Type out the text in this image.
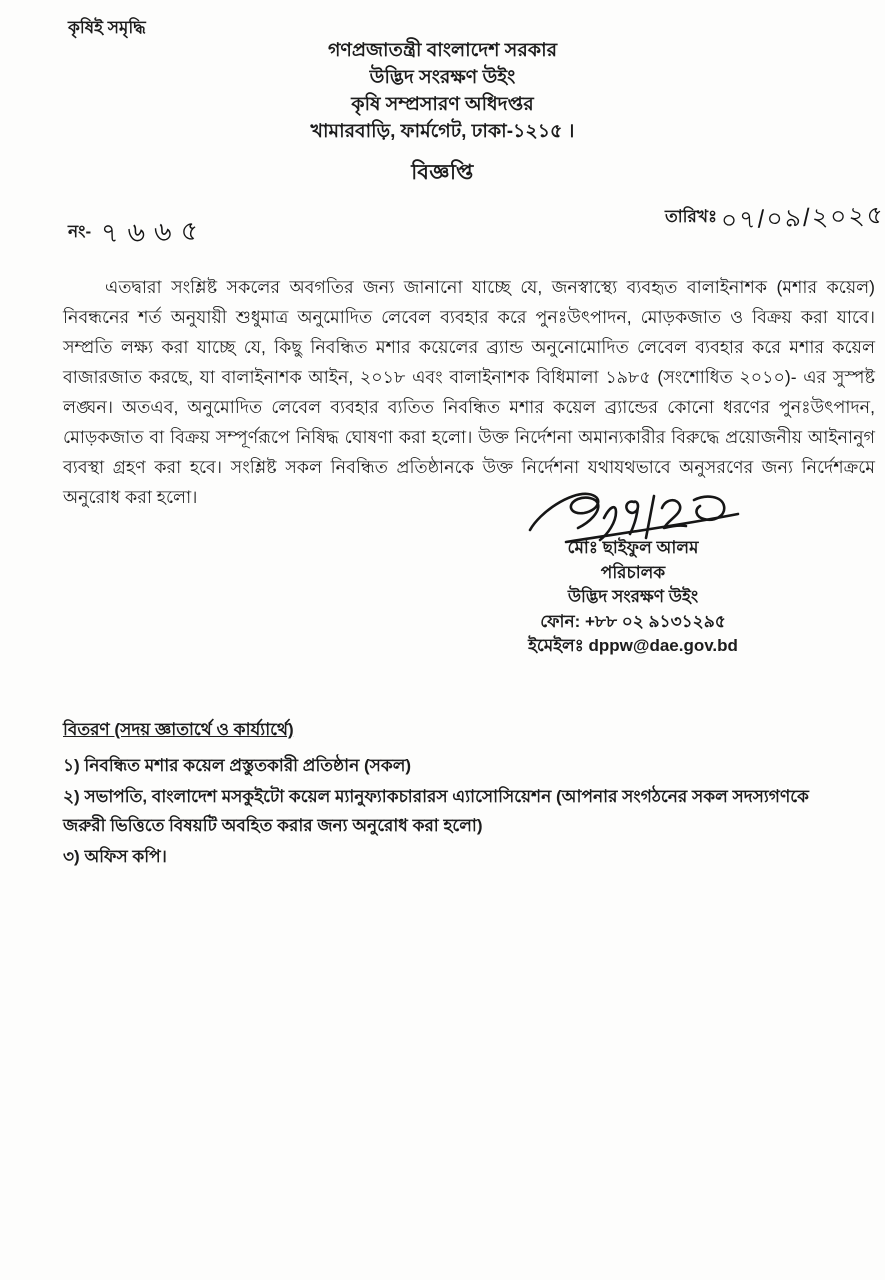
কৃষিই সমৃদ্ধি
গণপ্রজাতন্ত্রী বাংলাদেশ সরকার
উদ্ভিদ সংরক্ষণ উইং
কৃষি সম্প্রসারণ অধিদপ্তর
খামারবাড়ি, ফার্মগেট, ঢাকা-১২১৫ ।
বিজ্ঞপ্তি
নং- ৭৬৬৫	তারিখঃ ০৭/০৯/২০২৫

এতদ্বারা সংশ্লিষ্ট সকলের অবগতির জন্য জানানো যাচ্ছে যে, জনস্বাস্থ্যে ব্যবহৃত বালাইনাশক (মশার কয়েল) নিবন্ধনের শর্ত অনুযায়ী শুধুমাত্র অনুমোদিত লেবেল ব্যবহার করে পুনঃউৎপাদন, মোড়কজাত ও বিক্রয় করা যাবে। সম্প্রতি লক্ষ্য করা যাচ্ছে যে, কিছু নিবন্ধিত মশার কয়েলের ব্র্যান্ড অনুনোমোদিত লেবেল ব্যবহার করে মশার কয়েল বাজারজাত করছে, যা বালাইনাশক আইন, ২০১৮ এবং বালাইনাশক বিধিমালা ১৯৮৫ (সংশোধিত ২০১০)- এর সুস্পষ্ট লঙ্ঘন। অতএব, অনুমোদিত লেবেল ব্যবহার ব্যতিত নিবন্ধিত মশার কয়েল ব্র্যান্ডের কোনো ধরণের পুনঃউৎপাদন, মোড়কজাত বা বিক্রয় সম্পূর্ণরূপে নিষিদ্ধ ঘোষণা করা হলো। উক্ত নির্দেশনা অমান্যকারীর বিরুদ্ধে প্রয়োজনীয় আইনানুগ ব্যবস্থা গ্রহণ করা হবে। সংশ্লিষ্ট সকল নিবন্ধিত প্রতিষ্ঠানকে উক্ত নির্দেশনা যথাযথভাবে অনুসরণের জন্য নির্দেশক্রমে অনুরোধ করা হলো।

মোঃ ছাইফুল আলম
পরিচালক
উদ্ভিদ সংরক্ষণ উইং
ফোন: +৮৮ ০২ ৯১৩১২৯৫
ইমেইলঃ dppw@dae.gov.bd
বিতরণ (সদয় জ্ঞাতার্থে ও কার্য্যার্থে)

১) নিবন্ধিত মশার কয়েল প্রস্তুতকারী প্রতিষ্ঠান (সকল)

২) সভাপতি, বাংলাদেশ মসকুইটো কয়েল ম্যানুফ্যাকচারারস এ্যাসোসিয়েশন (আপনার সংগঠনের সকল সদস্যগণকে জরুরী ভিত্তিতে বিষয়টি অবহিত করার জন্য অনুরোধ করা হলো)

৩) অফিস কপি।
